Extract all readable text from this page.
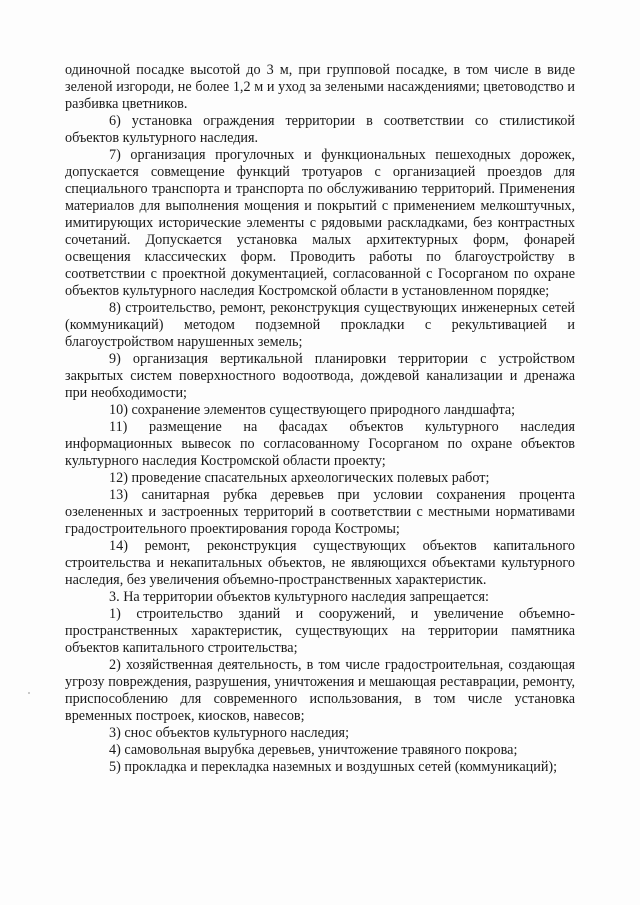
одиночной посадке высотой до 3 м, при групповой посадке, в том числе в виде зеленой изгороди, не более 1,2 м и уход за зелеными насаждениями; цветоводство и разбивка цветников.

6) установка ограждения территории в соответствии со стилистикой объектов культурного наследия.

7) организация прогулочных и функциональных пешеходных дорожек, допускается совмещение функций тротуаров с организацией проездов для специального транспорта и транспорта по обслуживанию территорий. Применения материалов для выполнения мощения и покрытий с применением мелкоштучных, имитирующих исторические элементы с рядовыми раскладками, без контрастных сочетаний. Допускается установка малых архитектурных форм, фонарей освещения классических форм. Проводить работы по благоустройству в соответствии с проектной документацией, согласованной с Госорганом по охране объектов культурного наследия Костромской области в установленном порядке;

8) строительство, ремонт, реконструкция существующих инженерных сетей (коммуникаций) методом подземной прокладки с рекультивацией и благоустройством нарушенных земель;

9) организация вертикальной планировки территории с устройством закрытых систем поверхностного водоотвода, дождевой канализации и дренажа при необходимости;

10) сохранение элементов существующего природного ландшафта;

11) размещение на фасадах объектов культурного наследия информационных вывесок по согласованному Госорганом по охране объектов культурного наследия Костромской области проекту;

12) проведение спасательных археологических полевых работ;

13) санитарная рубка деревьев при условии сохранения процента озелененных и застроенных территорий в соответствии с местными нормативами градостроительного проектирования города Костромы;

14) ремонт, реконструкция существующих объектов капитального строительства и некапитальных объектов, не являющихся объектами культурного наследия, без увеличения объемно-пространственных характеристик.

3. На территории объектов культурного наследия запрещается:

1) строительство зданий и сооружений, и увеличение объемно-пространственных характеристик, существующих на территории памятника объектов капитального строительства;

2) хозяйственная деятельность, в том числе градостроительная, создающая угрозу повреждения, разрушения, уничтожения и мешающая реставрации, ремонту, приспособлению для современного использования, в том числе установка временных построек, киосков, навесов;

3) снос объектов культурного наследия;

4) самовольная вырубка деревьев, уничтожение травяного покрова;

5) прокладка и перекладка наземных и воздушных сетей (коммуникаций);
